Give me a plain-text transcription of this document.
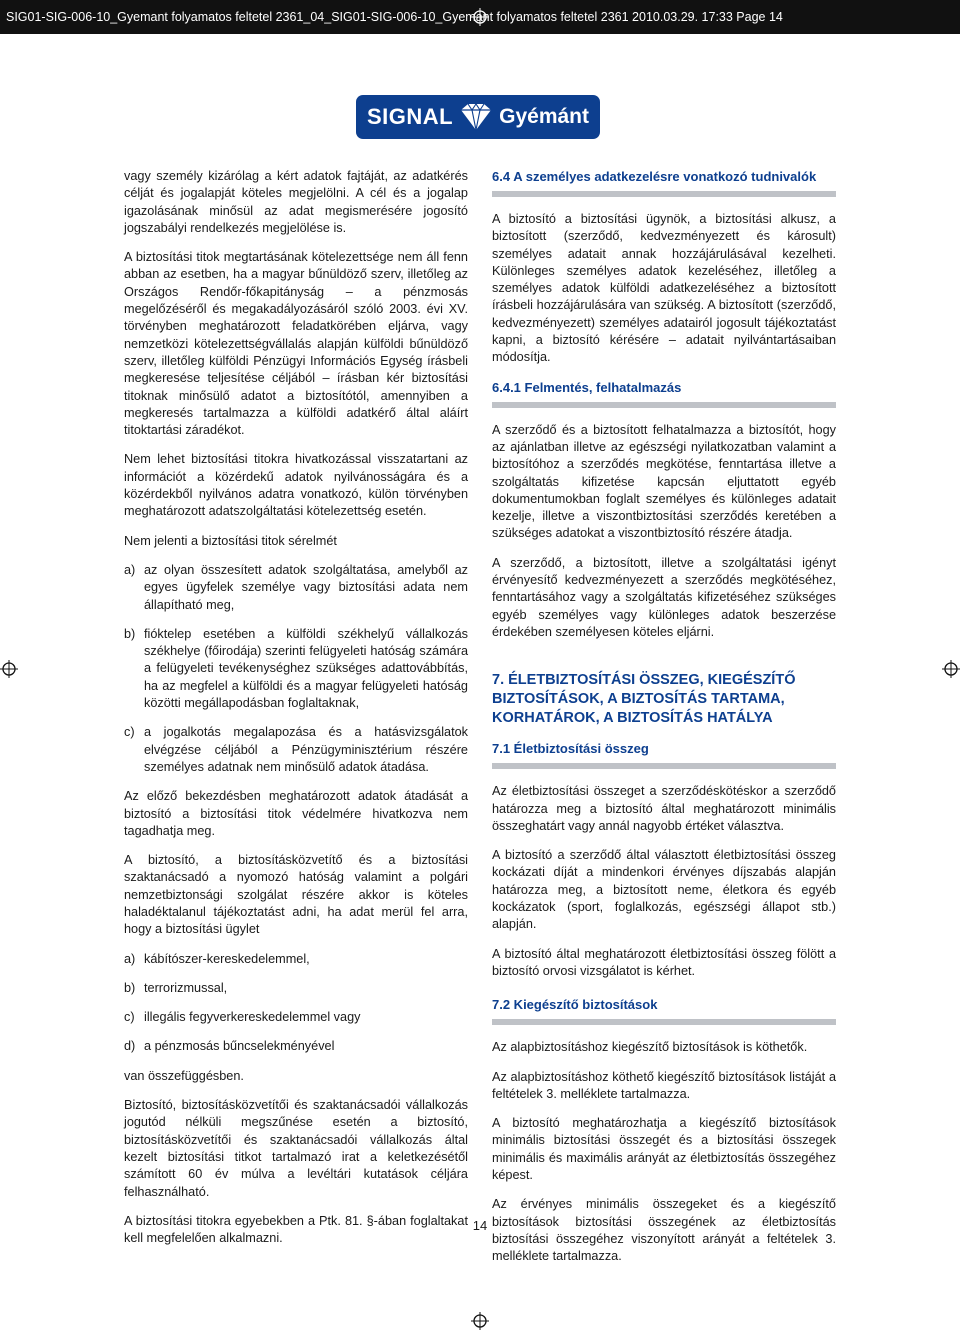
SIG01-SIG-006-10_Gyemant folyamatos feltetel 2361_04_SIG01-SIG-006-10_Gyemant folyamatos feltetel 2361 2010.03.29. 17:33 Page 14
SIGNAL Gyémánt

vagy személy kizárólag a kért adatok fajtáját, az adatkérés célját és jogalapját köteles megjelölni. A cél és a jogalap igazolásának minősül az adat megismerésére jogosító jogszabályi rendelkezés megjelölése is.

A biztosítási titok megtartásának kötelezettsége nem áll fenn abban az esetben, ha a magyar bűnüldöző szerv, illetőleg az Országos Rendőr-főkapitányság – a pénzmosás megelőzéséről és megakadályozásáról szóló 2003. évi XV. törvényben meghatározott feladatkörében eljárva, vagy nemzetközi kötelezettségvállalás alapján külföldi bűnüldöző szerv, illetőleg külföldi Pénzügyi Információs Egység írásbeli megkeresése teljesítése céljából – írásban kér biztosítási titoknak minősülő adatot a biztosítótól, amennyiben a megkeresés tartalmazza a külföldi adatkérő által aláírt titoktartási záradékot.

Nem lehet biztosítási titokra hivatkozással visszatartani az információt a közérdekű adatok nyilvánosságára és a közérdekből nyilvános adatra vonatkozó, külön törvényben meghatározott adatszolgáltatási kötelezettség esetén.

Nem jelenti a biztosítási titok sérelmét

a) az olyan összesített adatok szolgáltatása, amelyből az egyes ügyfelek személye vagy biztosítási adata nem állapítható meg,
b) fióktelep esetében a külföldi székhelyű vállalkozás székhelye (főirodája) szerinti felügyeleti hatóság számára a felügyeleti tevékenységhez szükséges adattovábbítás, ha az megfelel a külföldi és a magyar felügyeleti hatóság közötti megállapodásban foglaltaknak,
c) a jogalkotás megalapozása és a hatásvizsgálatok elvégzése céljából a Pénzügyminisztérium részére személyes adatnak nem minősülő adatok átadása.

Az előző bekezdésben meghatározott adatok átadását a biztosító a biztosítási titok védelmére hivatkozva nem tagadhatja meg.

A biztosító, a biztosításközvetítő és a biztosítási szaktanácsadó a nyomozó hatóság valamint a polgári nemzetbiztonsági szolgálat részére akkor is köteles haladéktalanul tájékoztatást adni, ha adat merül fel arra, hogy a biztosítási ügylet

a) kábítószer-kereskedelemmel,
b) terrorizmussal,
c) illegális fegyverkereskedelemmel vagy
d) a pénzmosás bűncselekményével

van összefüggésben.

Biztosító, biztosításközvetítői és szaktanácsadói vállalkozás jogutód nélküli megszűnése esetén a biztosító, biztosításközvetítői és szaktanácsadói vállalkozás által kezelt biztosítási titkot tartalmazó irat a keletkezésétől számított 60 év múlva a levéltári kutatások céljára felhasználható.

A biztosítási titokra egyebekben a Ptk. 81. §-ában foglaltakat kell megfelelően alkalmazni.

6.4 A személyes adatkezelésre vonatkozó tudnivalók

A biztosító a biztosítási ügynök, a biztosítási alkusz, a biztosított (szerződő, kedvezményezett és károsult) személyes adatait annak hozzájárulásával kezelheti. Különleges személyes adatok kezeléséhez, illetőleg a személyes adatok külföldi adatkezeléséhez a biztosított írásbeli hozzájárulására van szükség. A biztosított (szerződő, kedvezményezett) személyes adatairól jogosult tájékoztatást kapni, a biztosító kérésére – adatait nyilvántartásaiban módosítja.

6.4.1 Felmentés, felhatalmazás

A szerződő és a biztosított felhatalmazza a biztosítót, hogy az ajánlatban illetve az egészségi nyilatkozatban valamint a biztosítóhoz a szerződés megkötése, fenntartása illetve a szolgáltatás kifizetése kapcsán eljuttatott egyéb dokumentumokban foglalt személyes és különleges adatait kezelje, illetve a viszontbiztosítási szerződés keretében a szükséges adatokat a viszontbiztosító részére átadja.

A szerződő, a biztosított, illetve a szolgáltatási igényt érvényesítő kedvezményezett a szerződés megkötéséhez, fenntartásához vagy a szolgáltatás kifizetéséhez szükséges egyéb személyes vagy különleges adatok beszerzése érdekében személyesen köteles eljárni.

7. ÉLETBIZTOSÍTÁSI ÖSSZEG, KIEGÉSZÍTŐ BIZTOSÍTÁSOK, A BIZTOSÍTÁS TARTAMA, KORHATÁROK, A BIZTOSÍTÁS HATÁLYA
7.1 Életbiztosítási összeg

Az életbiztosítási összeget a szerződéskötéskor a szerződő határozza meg a biztosító által meghatározott minimális összeghatárt vagy annál nagyobb értéket választva.

A biztosító a szerződő által választott életbiztosítási összeg kockázati díját a mindenkori érvényes díjszabás alapján határozza meg, a biztosított neme, életkora és egyéb kockázatok (sport, foglalkozás, egészségi állapot stb.) alapján.

A biztosító által meghatározott életbiztosítási összeg fölött a biztosító orvosi vizsgálatot is kérhet.

7.2 Kiegészítő biztosítások

Az alapbiztosításhoz kiegészítő biztosítások is köthetők.

Az alapbiztosításhoz köthető kiegészítő biztosítások listáját a feltételek 3. melléklete tartalmazza.

A biztosító meghatározhatja a kiegészítő biztosítások minimális biztosítási összegét és a biztosítási összegek minimális és maximális arányát az életbiztosítás összegéhez képest.

Az érvényes minimális összegeket és a kiegészítő biztosítások biztosítási összegének az életbiztosítás biztosítási összegéhez viszonyított arányát a feltételek 3. melléklete tartalmazza.

14
